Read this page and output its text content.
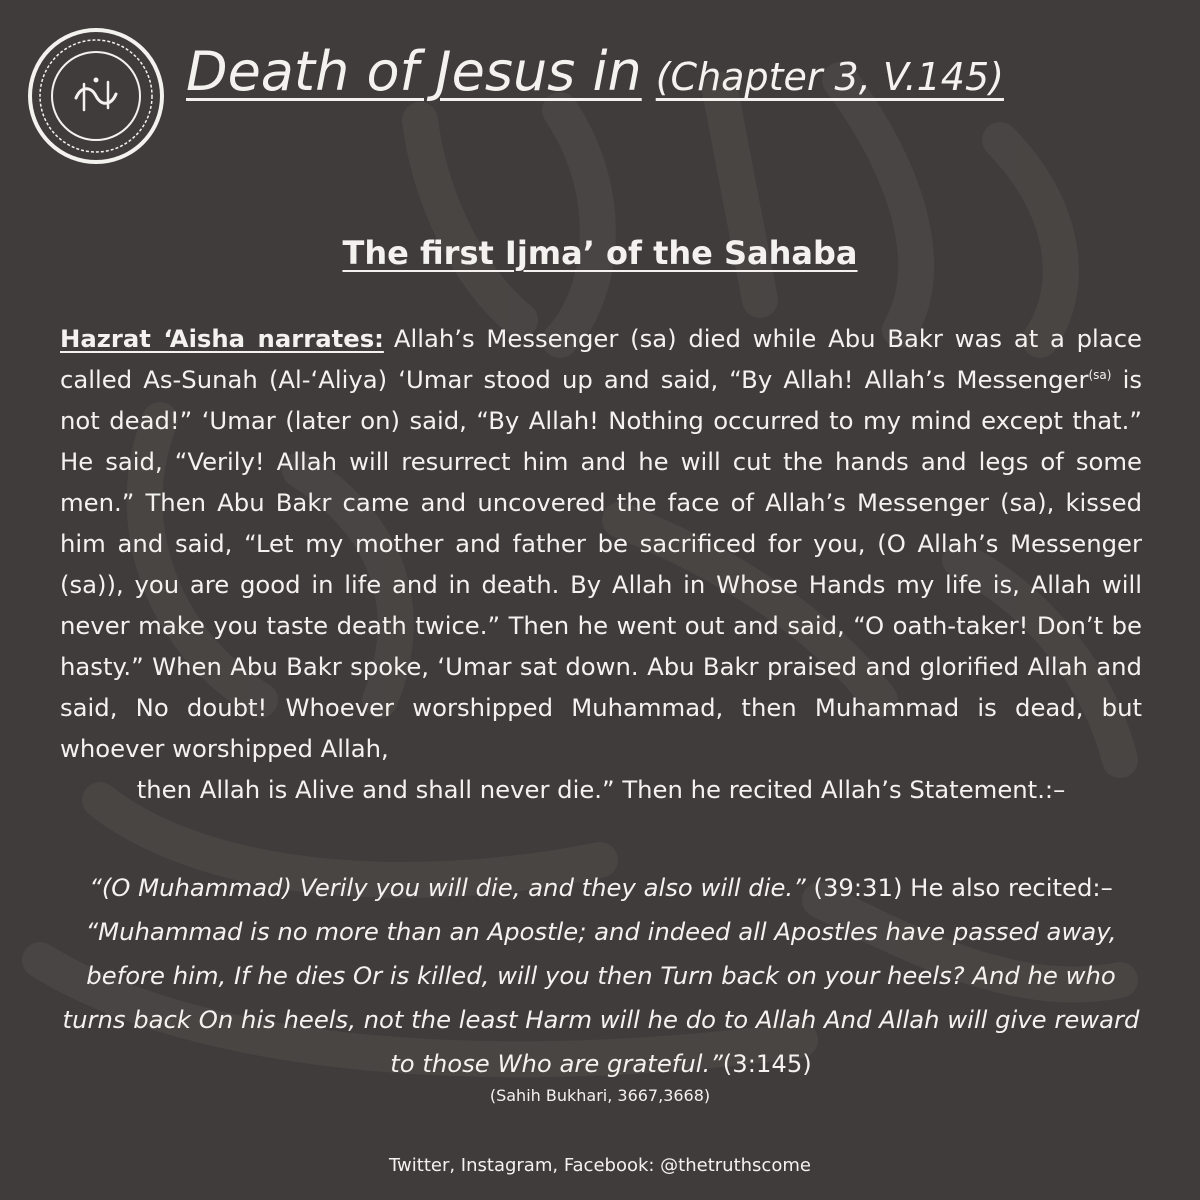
Death of Jesus in (Chapter 3, V.145)
The first Ijma’ of the Sahaba
Hazrat ‘Aisha narrates: Allah’s Messenger (sa) died while Abu Bakr was at a place called As-Sunah (Al-‘Aliya) ‘Umar stood up and said, “By Allah! Allah’s Messenger$^{(sa)}$ is not dead!” ‘Umar (later on) said, “By Allah! Nothing occurred to my mind except that.” He said, “Verily! Allah will resurrect him and he will cut the hands and legs of some men.” Then Abu Bakr came and uncovered the face of Allah’s Messenger (sa), kissed him and said, “Let my mother and father be sacrificed for you, (O Allah’s Messenger (sa)), you are good in life and in death. By Allah in Whose Hands my life is, Allah will never make you taste death twice.” Then he went out and said, “O oath-taker! Don’t be hasty.” When Abu Bakr spoke, ‘Umar sat down. Abu Bakr praised and glorified Allah and said, No doubt! Whoever worshipped Muhammad, then Muhammad is dead, but whoever worshipped Allah,
then Allah is Alive and shall never die.” Then he recited Allah’s Statement.:–
“(O Muhammad) Verily you will die, and they also will die.” (39:31) He also recited:–
“Muhammad is no more than an Apostle; and indeed all Apostles have passed away, before him, If he dies Or is killed, will you then Turn back on your heels? And he who turns back On his heels, not the least Harm will he do to Allah And Allah will give reward to those Who are grateful.”(3:145)
(Sahih Bukhari, 3667,3668)
Twitter, Instagram, Facebook: @thetruthscome
